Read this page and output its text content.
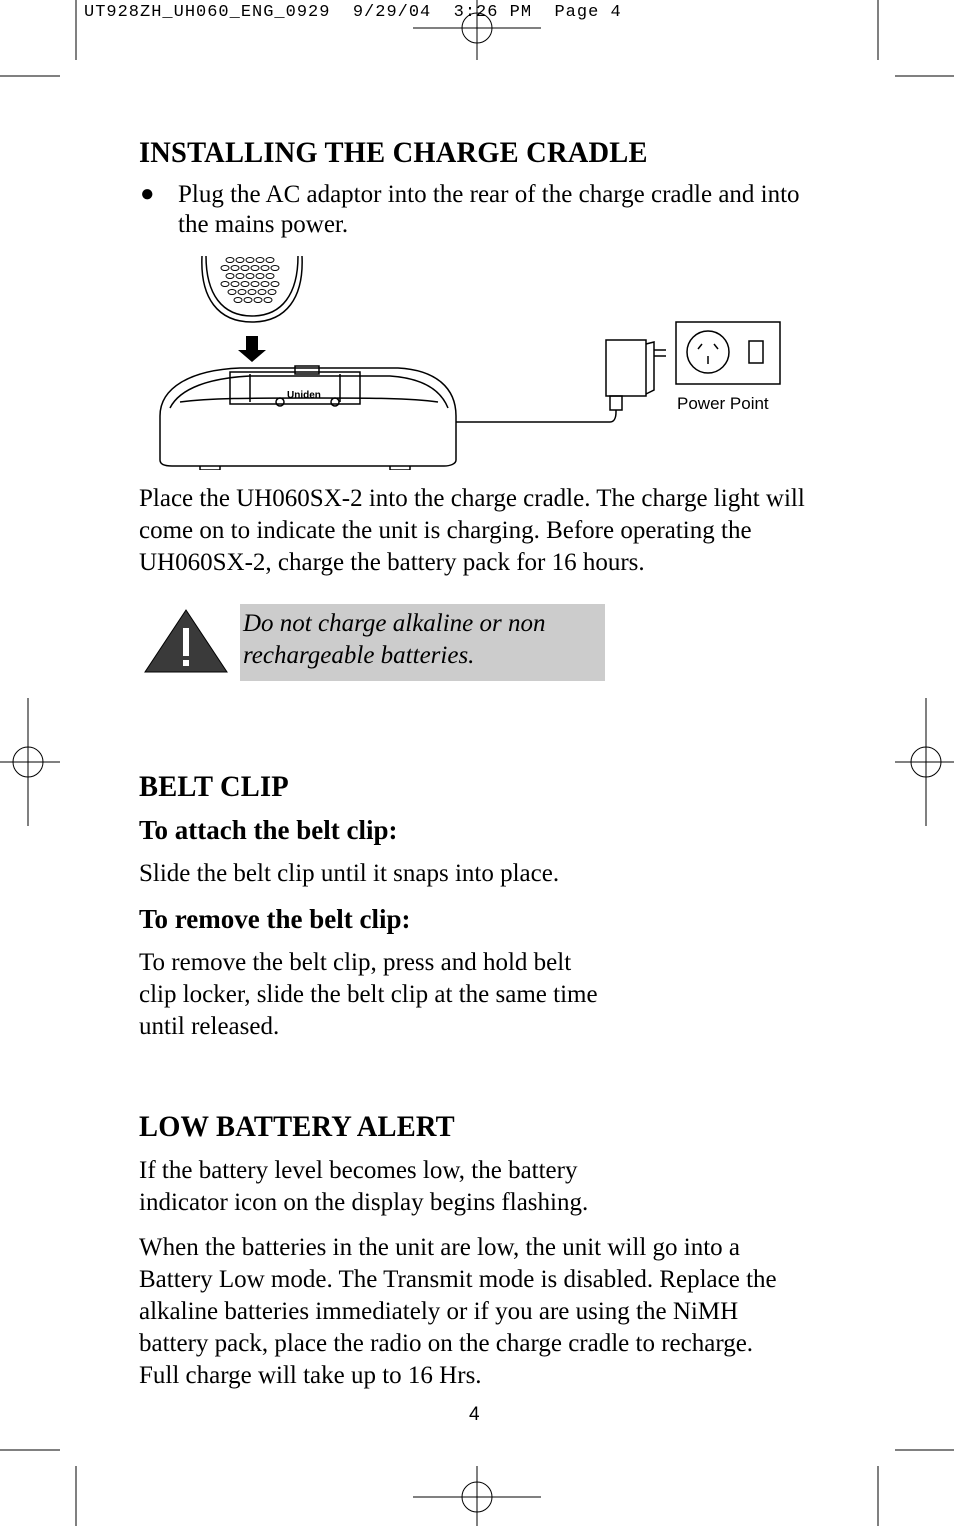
UT928ZH_UH060_ENG_0929  9/29/04  3:26 PM  Page 4
INSTALLING THE CHARGE CRADLE
● Plug the AC adaptor into the rear of the charge cradle and into the mains power.
Uniden	Power Point
Place the UH060SX-2 into the charge cradle. The charge light will come on to indicate the unit is charging. Before operating the UH060SX-2, charge the battery pack for 16 hours.
Do not charge alkaline or non rechargeable batteries.
BELT CLIP
To attach the belt clip:
Slide the belt clip until it snaps into place.
To remove the belt clip:
To remove the belt clip, press and hold belt clip locker, slide the belt clip at the same time until released.
LOW BATTERY ALERT
If the battery level becomes low, the battery indicator icon on the display begins flashing.
When the batteries in the unit are low, the unit will go into a Battery Low mode. The Transmit mode is disabled. Replace the alkaline batteries immediately or if you are using the NiMH battery pack, place the radio on the charge cradle to recharge. Full charge will take up to 16 Hrs.
4
